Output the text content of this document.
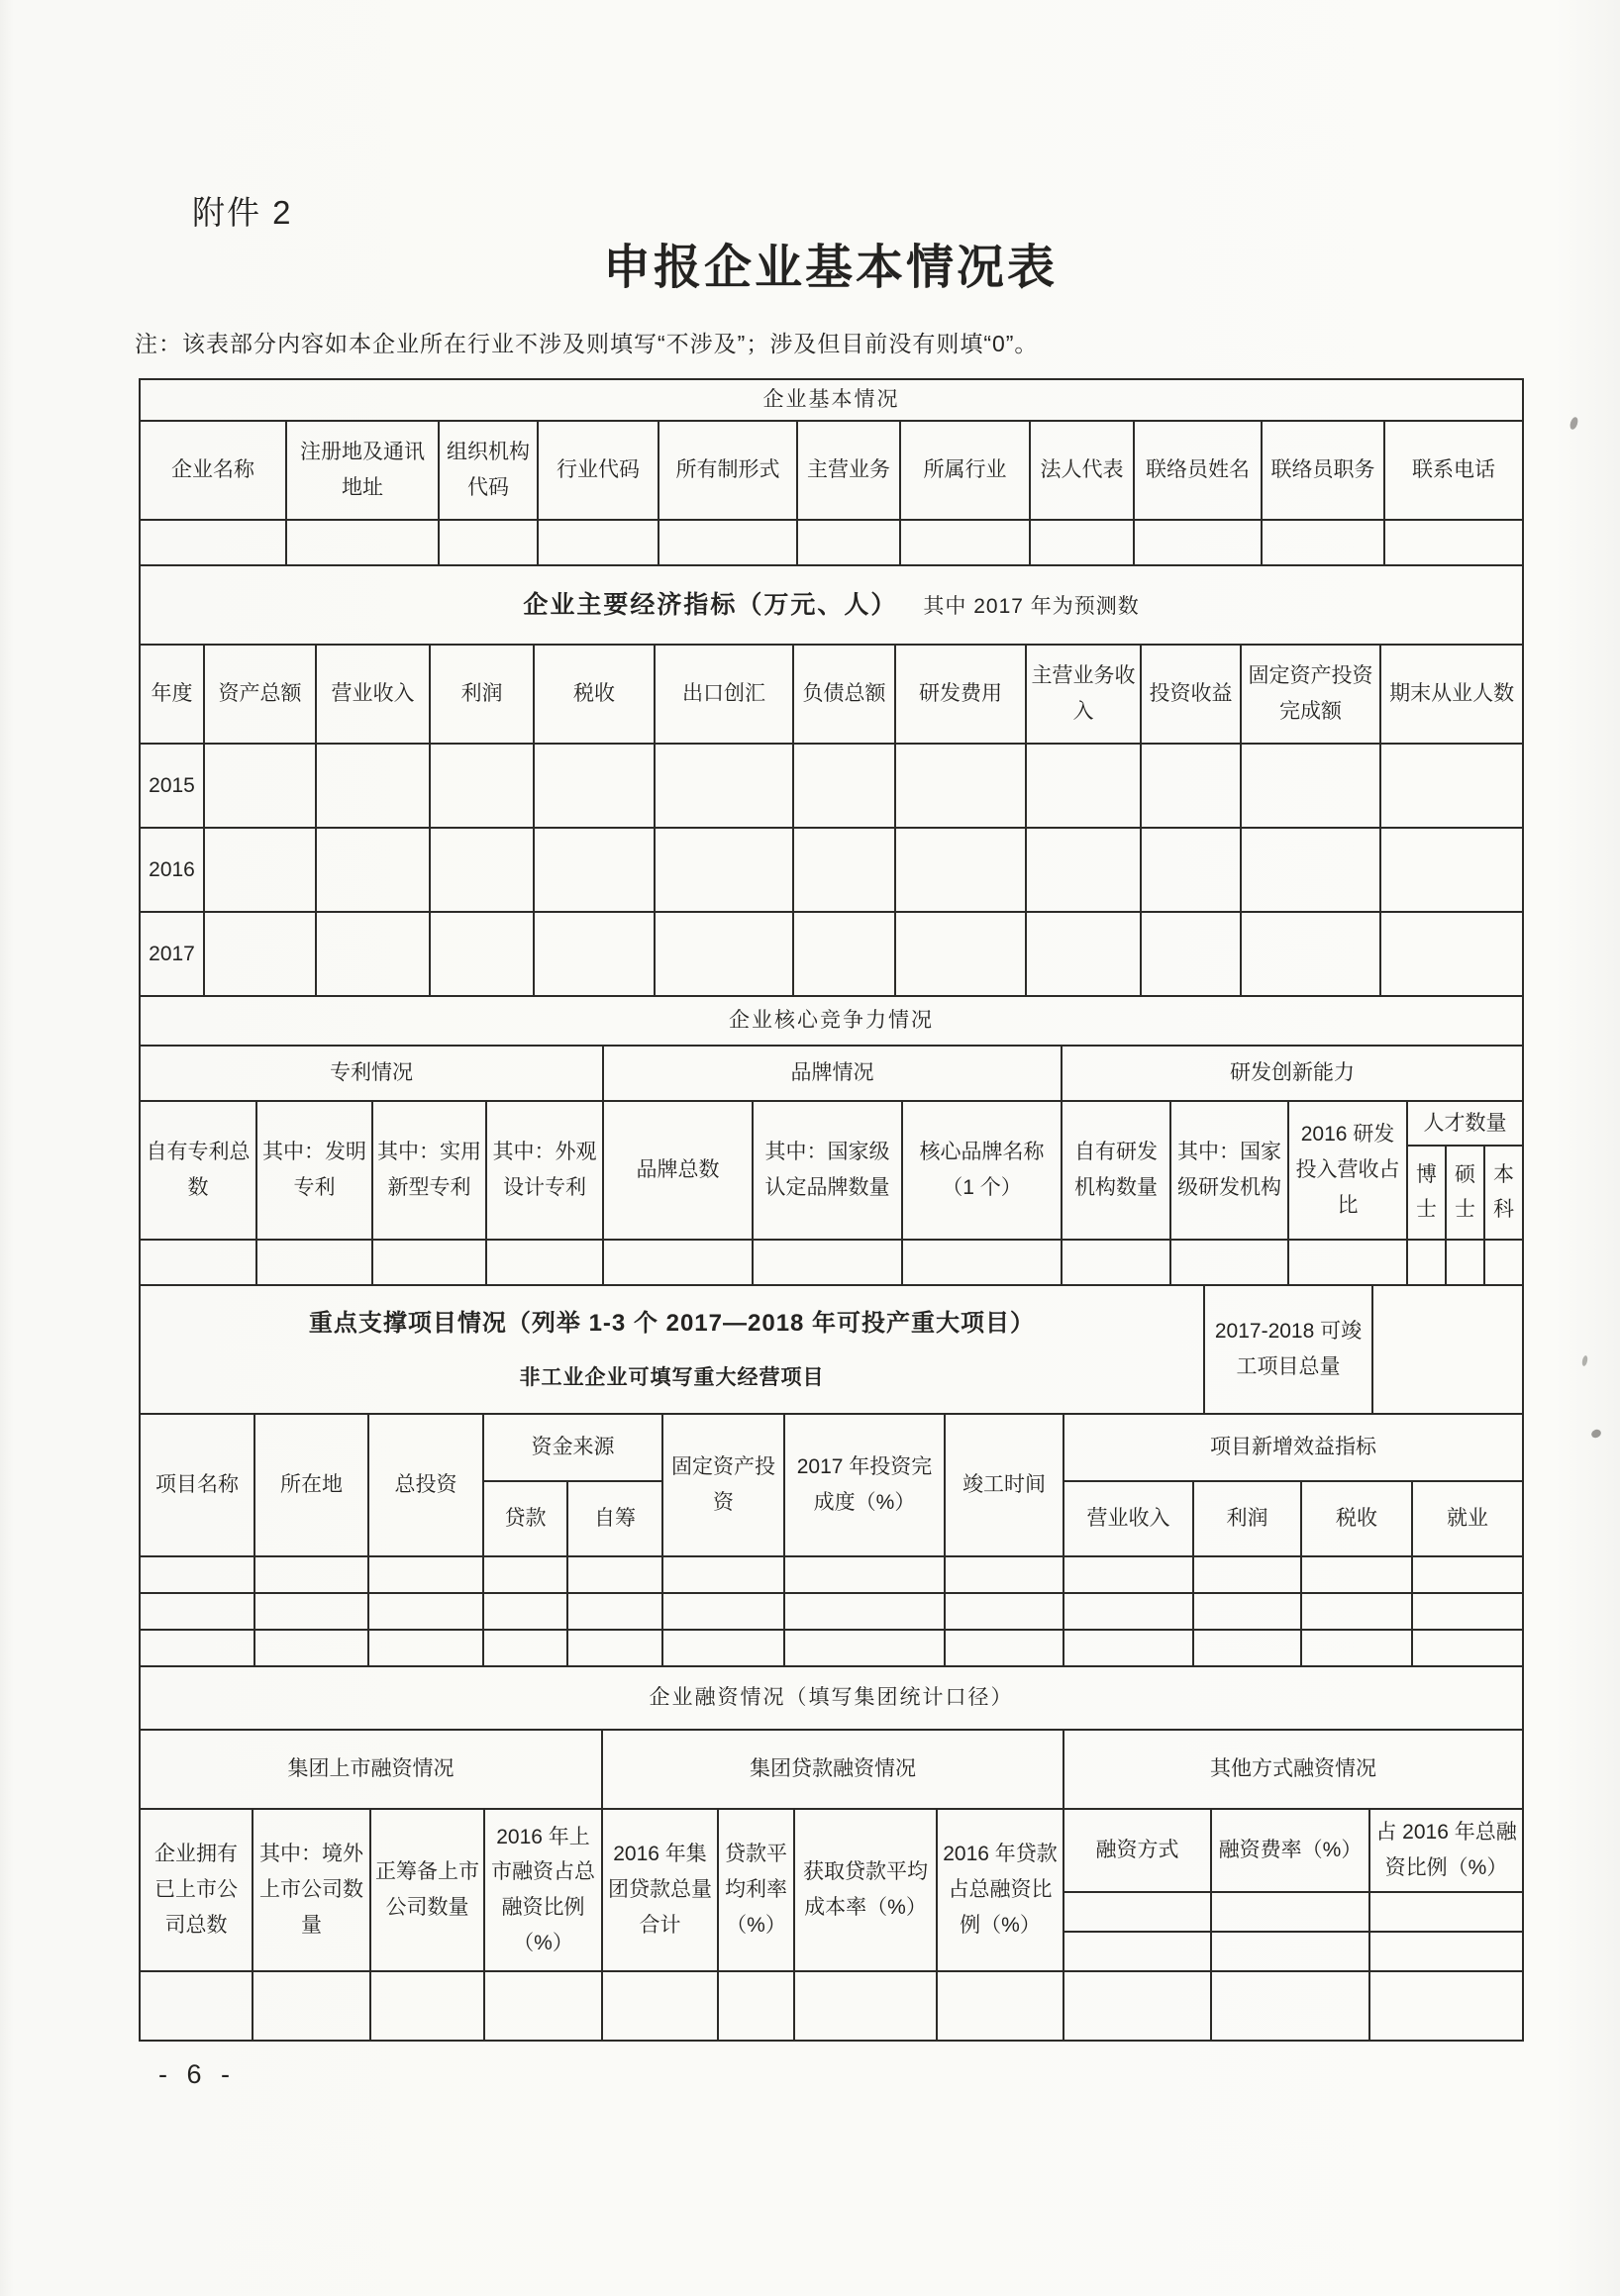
附件 2
申报企业基本情况表
注：该表部分内容如本企业所在行业不涉及则填写“不涉及”；涉及但目前没有则填“0”。
企业基本情况										
企业名称	注册地及通讯地址	组织机构代码	行业代码	所有制形式	主营业务	所属行业	法人代表	联络员姓名	联络员职务	联系电话

企业主要经济指标（万元、人） 其中 2017 年为预测数											
年度	资产总额	营业收入	利润	税收	出口创汇	负债总额	研发费用	主营业务收入	投资收益	固定资产投资完成额	期末从业人数
2015											
2016											
2017											
企业核心竞争力情况												
专利情况				品牌情况			研发创新能力					
自有专利总数	其中：发明专利	其中：实用新型专利	其中：外观设计专利	品牌总数	其中：国家级认定品牌数量	核心品牌名称（1 个）	自有研发机构数量	其中：国家级研发机构	2016 研发投入营收占比	人才数量		
										博士	硕士	本科

重点支撑项目情况（列举 1-3 个 2017—2018 年可投产重大项目）
非工业企业可填写重大经营项目
	2017-2018 可竣工项目总量	
项目名称	所在地	总投资	资金来源		固定资产投资	2017 年投资完成度（%）	竣工时间	项目新增效益指标			
			贷款	自筹				营业收入	利润	税收	就业

企业融资情况（填写集团统计口径）										
集团上市融资情况				集团贷款融资情况				其他方式融资情况		
企业拥有已上市公司总数	其中：境外上市公司数量	正筹备上市公司数量	2016 年上市融资占总融资比例（%）	2016 年集团贷款总量合计	贷款平均利率（%）	获取贷款平均成本率（%）	2016 年贷款占总融资比例（%）	融资方式	融资费率（%）	占 2016 年总融资比例（%）

- 6 -
